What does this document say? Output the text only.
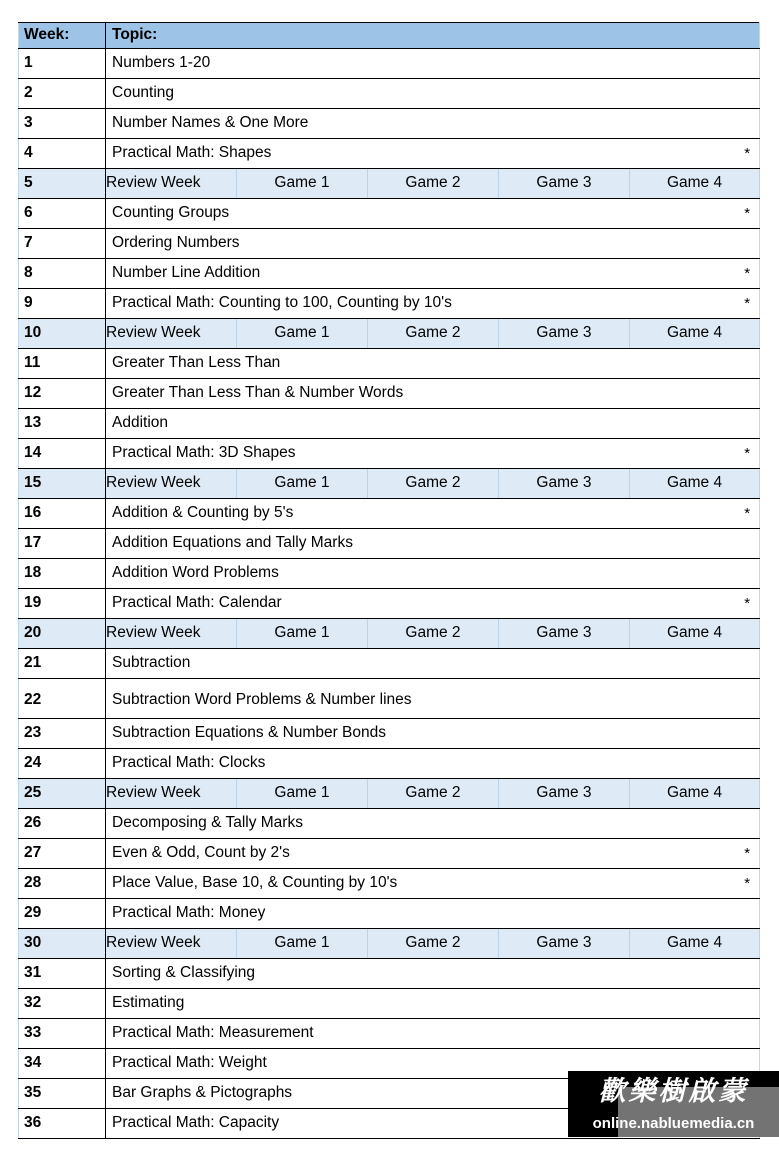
Week:	Topic:				
1	Numbers 1-20				

2	Counting				

3	Number Names & One More				

4	Practical Math: Shapes *				

5	Review Week	Game 1	Game 2	Game 3	Game 4
6	Counting Groups *				

7	Ordering Numbers				

8	Number Line Addition *				

9	Practical Math: Counting to 100, Counting by 10's *				

10	Review Week	Game 1	Game 2	Game 3	Game 4
11	Greater Than Less Than				

12	Greater Than Less Than & Number Words				

13	Addition				

14	Practical Math: 3D Shapes *				

15	Review Week	Game 1	Game 2	Game 3	Game 4
16	Addition & Counting by 5's *				

17	Addition Equations and Tally Marks				

18	Addition Word Problems				

19	Practical Math: Calendar *				

20	Review Week	Game 1	Game 2	Game 3	Game 4
21	Subtraction				

22	Subtraction Word Problems & Number lines				

23	Subtraction Equations & Number Bonds				

24	Practical Math: Clocks				

25	Review Week	Game 1	Game 2	Game 3	Game 4
26	Decomposing & Tally Marks				

27	Even & Odd, Count by 2's *				

28	Place Value, Base 10, & Counting by 10's *				

29	Practical Math: Money				

30	Review Week	Game 1	Game 2	Game 3	Game 4
31	Sorting & Classifying				

32	Estimating				

33	Practical Math: Measurement				

34	Practical Math: Weight				

35	Bar Graphs & Pictographs				

36	Practical Math: Capacity				
歡樂樹啟蒙
online.nabluemedia.cn
